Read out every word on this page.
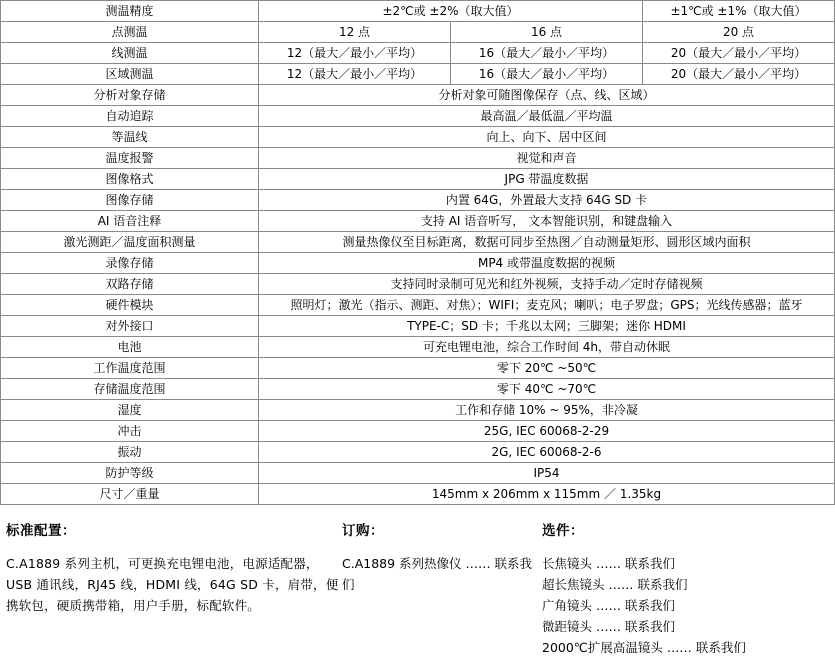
测温精度	±2℃或 ±2%（取大值）		±1℃或 ±1%（取大值）
点测温	12 点	16 点	20 点
线测温	12（最大／最小／平均）	16（最大／最小／平均）	20（最大／最小／平均）
区域测温	12（最大／最小／平均）	16（最大／最小／平均）	20（最大／最小／平均）
分析对象存储	分析对象可随图像保存（点、线、区域）		
自动追踪	最高温／最低温／平均温		
等温线	向上、向下、居中区间		
温度报警	视觉和声音		
图像格式	JPG 带温度数据		
图像存储	内置 64G，外置最大支持 64G SD 卡		
AI 语音注释	支持 AI 语音听写， 文本智能识别，和键盘输入		
激光测距／温度面积测量	测量热像仪至目标距离，数据可同步至热图／自动测量矩形、圆形区域内面积		
录像存储	MP4 或带温度数据的视频		
双路存储	支持同时录制可见光和红外视频，支持手动／定时存储视频		
硬件模块	照明灯；激光（指示、测距、对焦）；WIFI；麦克风；喇叭；电子罗盘；GPS；光线传感器；蓝牙		
对外接口	TYPE-C；SD 卡；千兆以太网；三脚架；迷你 HDMI		
电池	可充电锂电池，综合工作时间 4h，带自动休眠		
工作温度范围	零下 20℃ ~50℃		
存储温度范围	零下 40℃ ~70℃		
湿度	工作和存储 10% ~ 95%，非冷凝		
冲击	25G, IEC 60068-2-29		
振动	2G, IEC 60068-2-6		
防护等级	IP54		
尺寸／重量	145mm x 206mm x 115mm ／ 1.35kg		
标准配置：
C.A1889 系列主机，可更换充电锂电池，电源适配器，USB 通讯线，RJ45 线，HDMI 线，64G SD 卡，肩带，便携软包，硬质携带箱，用户手册，标配软件。
订购：
C.A1889 系列热像仪 ‥‥‥ 联系我们
选件：
长焦镜头 ‥‥‥ 联系我们
超长焦镜头 ‥‥‥ 联系我们
广角镜头 ‥‥‥ 联系我们
微距镜头 ‥‥‥ 联系我们
2000℃扩展高温镜头 ‥‥‥ 联系我们
